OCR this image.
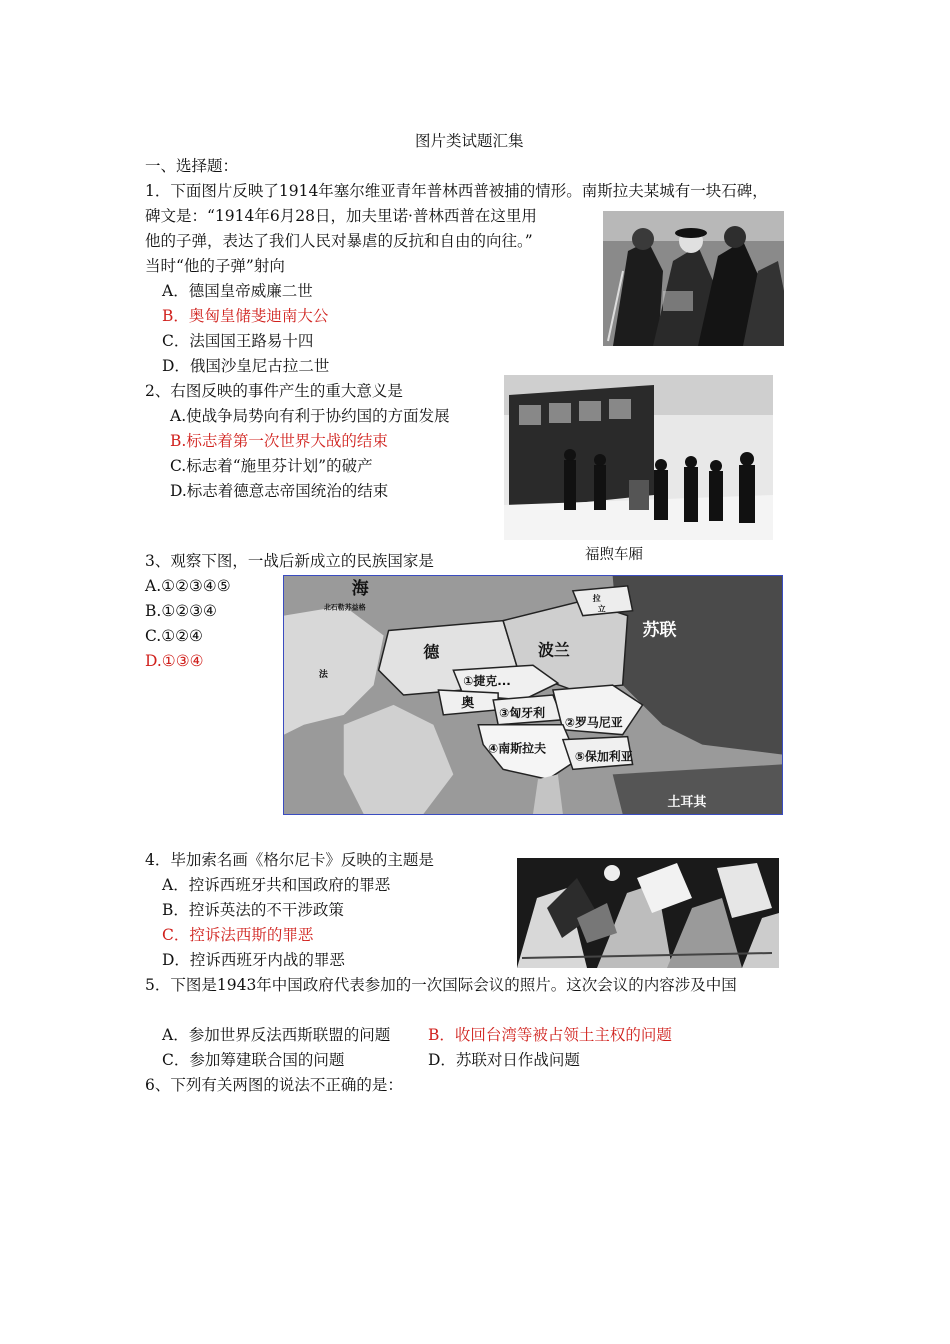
图片类试题汇集
一、选择题：
1．下面图片反映了1914年塞尔维亚青年普林西普被捕的情形。南斯拉夫某城有一块石碑，
碑文是：“1914年6月28日，加夫里诺·普林西普在这里用
他的子弹，表达了我们人民对暴虐的反抗和自由的向往。”
当时“他的子弹”射向
A．德国皇帝威廉二世
B．奥匈皇储斐迪南大公
C．法国国王路易十四
D．俄国沙皇尼古拉二世
2、右图反映的事件产生的重大意义是
A.使战争局势向有利于协约国的方面发展
B.标志着第一次世界大战的结束
C.标志着“施里芬计划”的破产
D.标志着德意志帝国统治的结束
福煦车厢
3、观察下图，一战后新成立的民族国家是
A.①②③④⑤
B.①②③④
C.①②④
D.①③④
海
北石勒苏益格
拉
立
苏联
德	波兰
①捷克...
奥
③匈牙利
②罗马尼亚
④南斯拉夫
⑤保加利亚
土耳其
法
4．毕加索名画《格尔尼卡》反映的主题是
A．控诉西班牙共和国政府的罪恶
B．控诉英法的不干涉政策
C．控诉法西斯的罪恶
D．控诉西班牙内战的罪恶
5．下图是1943年中国政府代表参加的一次国际会议的照片。这次会议的内容涉及中国
A．参加世界反法西斯联盟的问题 B．收回台湾等被占领土主权的问题
C．参加筹建联合国的问题	D．苏联对日作战问题
6、下列有关两图的说法不正确的是：
